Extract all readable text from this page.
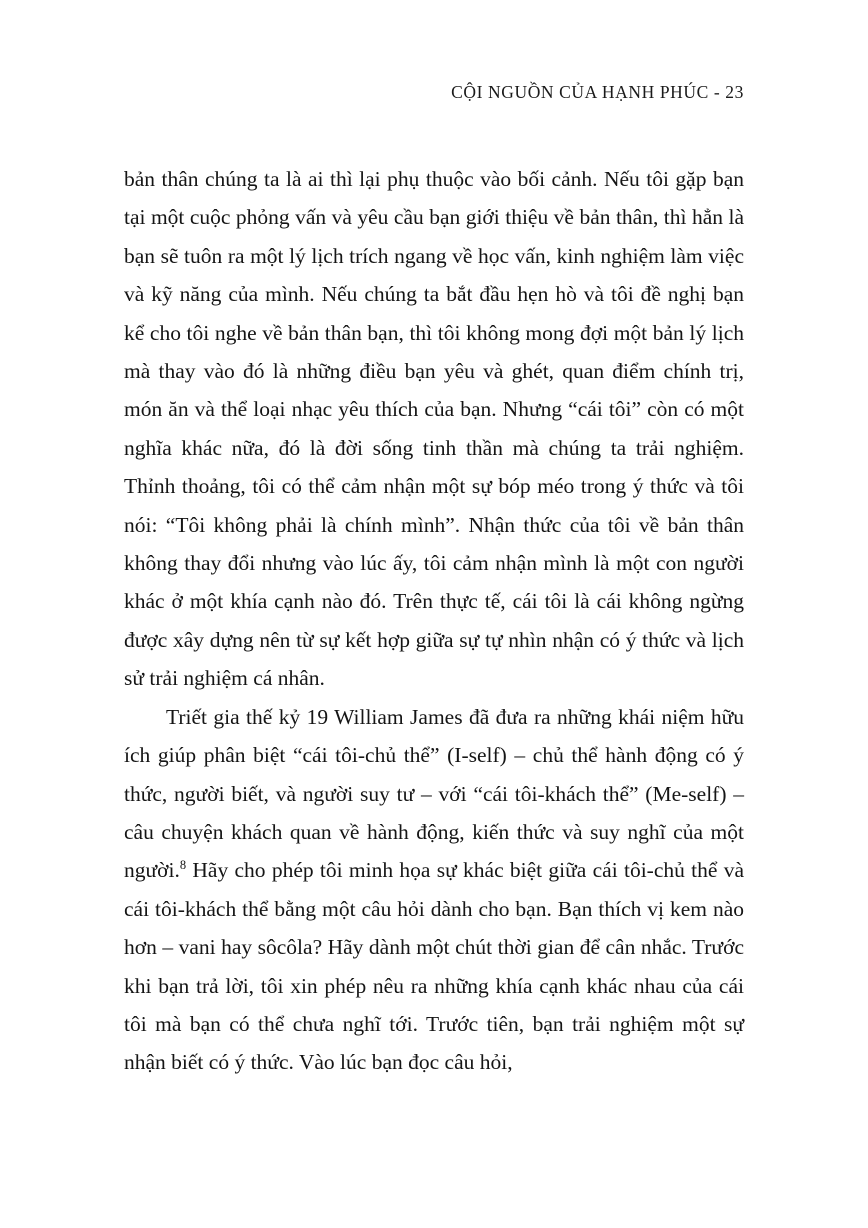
CỘI NGUỒN CỦA HẠNH PHÚC - 23

bản thân chúng ta là ai thì lại phụ thuộc vào bối cảnh. Nếu tôi gặp bạn tại một cuộc phỏng vấn và yêu cầu bạn giới thiệu về bản thân, thì hẳn là bạn sẽ tuôn ra một lý lịch trích ngang về học vấn, kinh nghiệm làm việc và kỹ năng của mình. Nếu chúng ta bắt đầu hẹn hò và tôi đề nghị bạn kể cho tôi nghe về bản thân bạn, thì tôi không mong đợi một bản lý lịch mà thay vào đó là những điều bạn yêu và ghét, quan điểm chính trị, món ăn và thể loại nhạc yêu thích của bạn. Nhưng “cái tôi” còn có một nghĩa khác nữa, đó là đời sống tinh thần mà chúng ta trải nghiệm. Thỉnh thoảng, tôi có thể cảm nhận một sự bóp méo trong ý thức và tôi nói: “Tôi không phải là chính mình”. Nhận thức của tôi về bản thân không thay đổi nhưng vào lúc ấy, tôi cảm nhận mình là một con người khác ở một khía cạnh nào đó. Trên thực tế, cái tôi là cái không ngừng được xây dựng nên từ sự kết hợp giữa sự tự nhìn nhận có ý thức và lịch sử trải nghiệm cá nhân.

Triết gia thế kỷ 19 William James đã đưa ra những khái niệm hữu ích giúp phân biệt “cái tôi-chủ thể” (I-self) – chủ thể hành động có ý thức, người biết, và người suy tư – với “cái tôi-khách thể” (Me-self) – câu chuyện khách quan về hành động, kiến thức và suy nghĩ của một người.$^8$ Hãy cho phép tôi minh họa sự khác biệt giữa cái tôi-chủ thể và cái tôi-khách thể bằng một câu hỏi dành cho bạn. Bạn thích vị kem nào hơn – vani hay sôcôla? Hãy dành một chút thời gian để cân nhắc. Trước khi bạn trả lời, tôi xin phép nêu ra những khía cạnh khác nhau của cái tôi mà bạn có thể chưa nghĩ tới. Trước tiên, bạn trải nghiệm một sự nhận biết có ý thức. Vào lúc bạn đọc câu hỏi,
